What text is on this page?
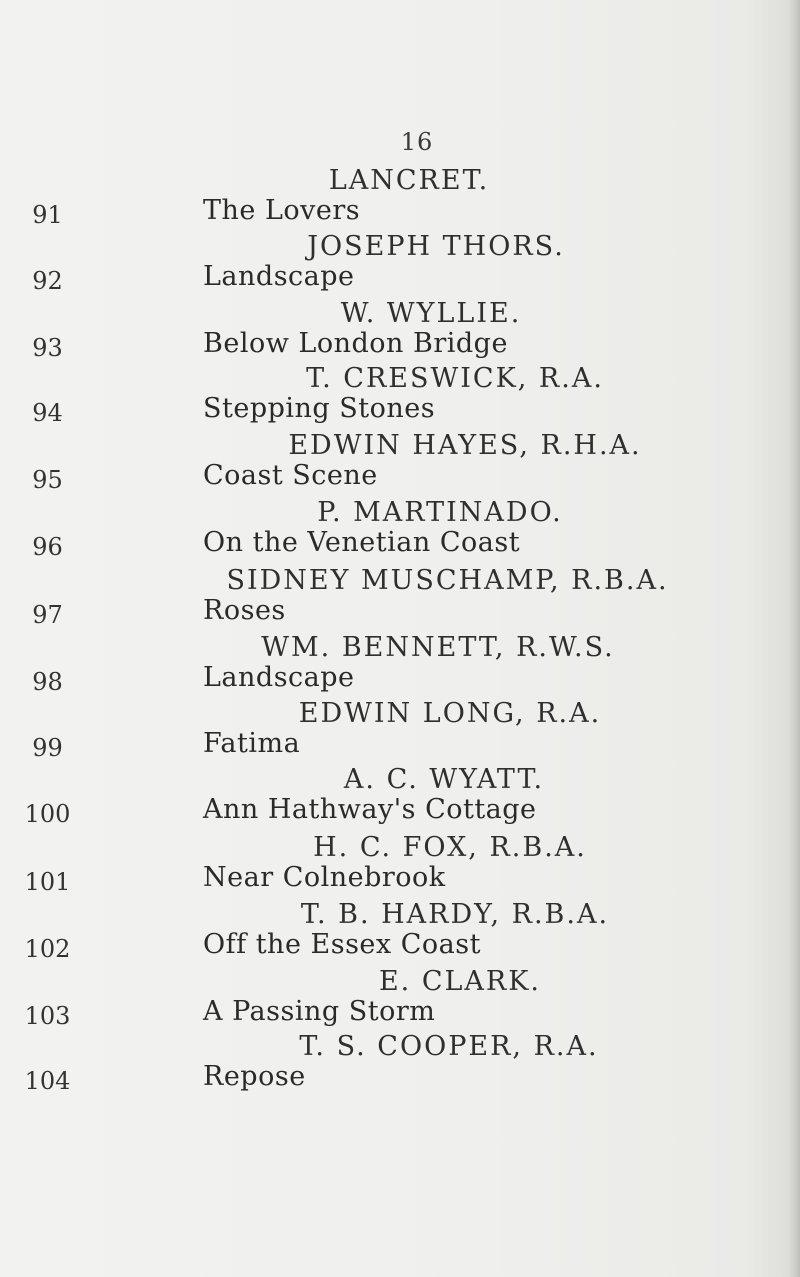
16
LANCRET.
91	The Lovers
JOSEPH THORS.
92	Landscape
W. WYLLIE.
93	Below London Bridge
T. CRESWICK, R.A.
94	Stepping Stones
EDWIN HAYES, R.H.A.
95	Coast Scene
P. MARTINADO.
96	On the Venetian Coast
SIDNEY MUSCHAMP, R.B.A.
97	Roses
WM. BENNETT, R.W.S.
98	Landscape
EDWIN LONG, R.A.
99	Fatima
A. C. WYATT.
100	Ann Hathway's Cottage
H. C. FOX, R.B.A.
101	Near Colnebrook
T. B. HARDY, R.B.A.
102	Off the Essex Coast
E. CLARK.
103	A Passing Storm
T. S. COOPER, R.A.
104	Repose
